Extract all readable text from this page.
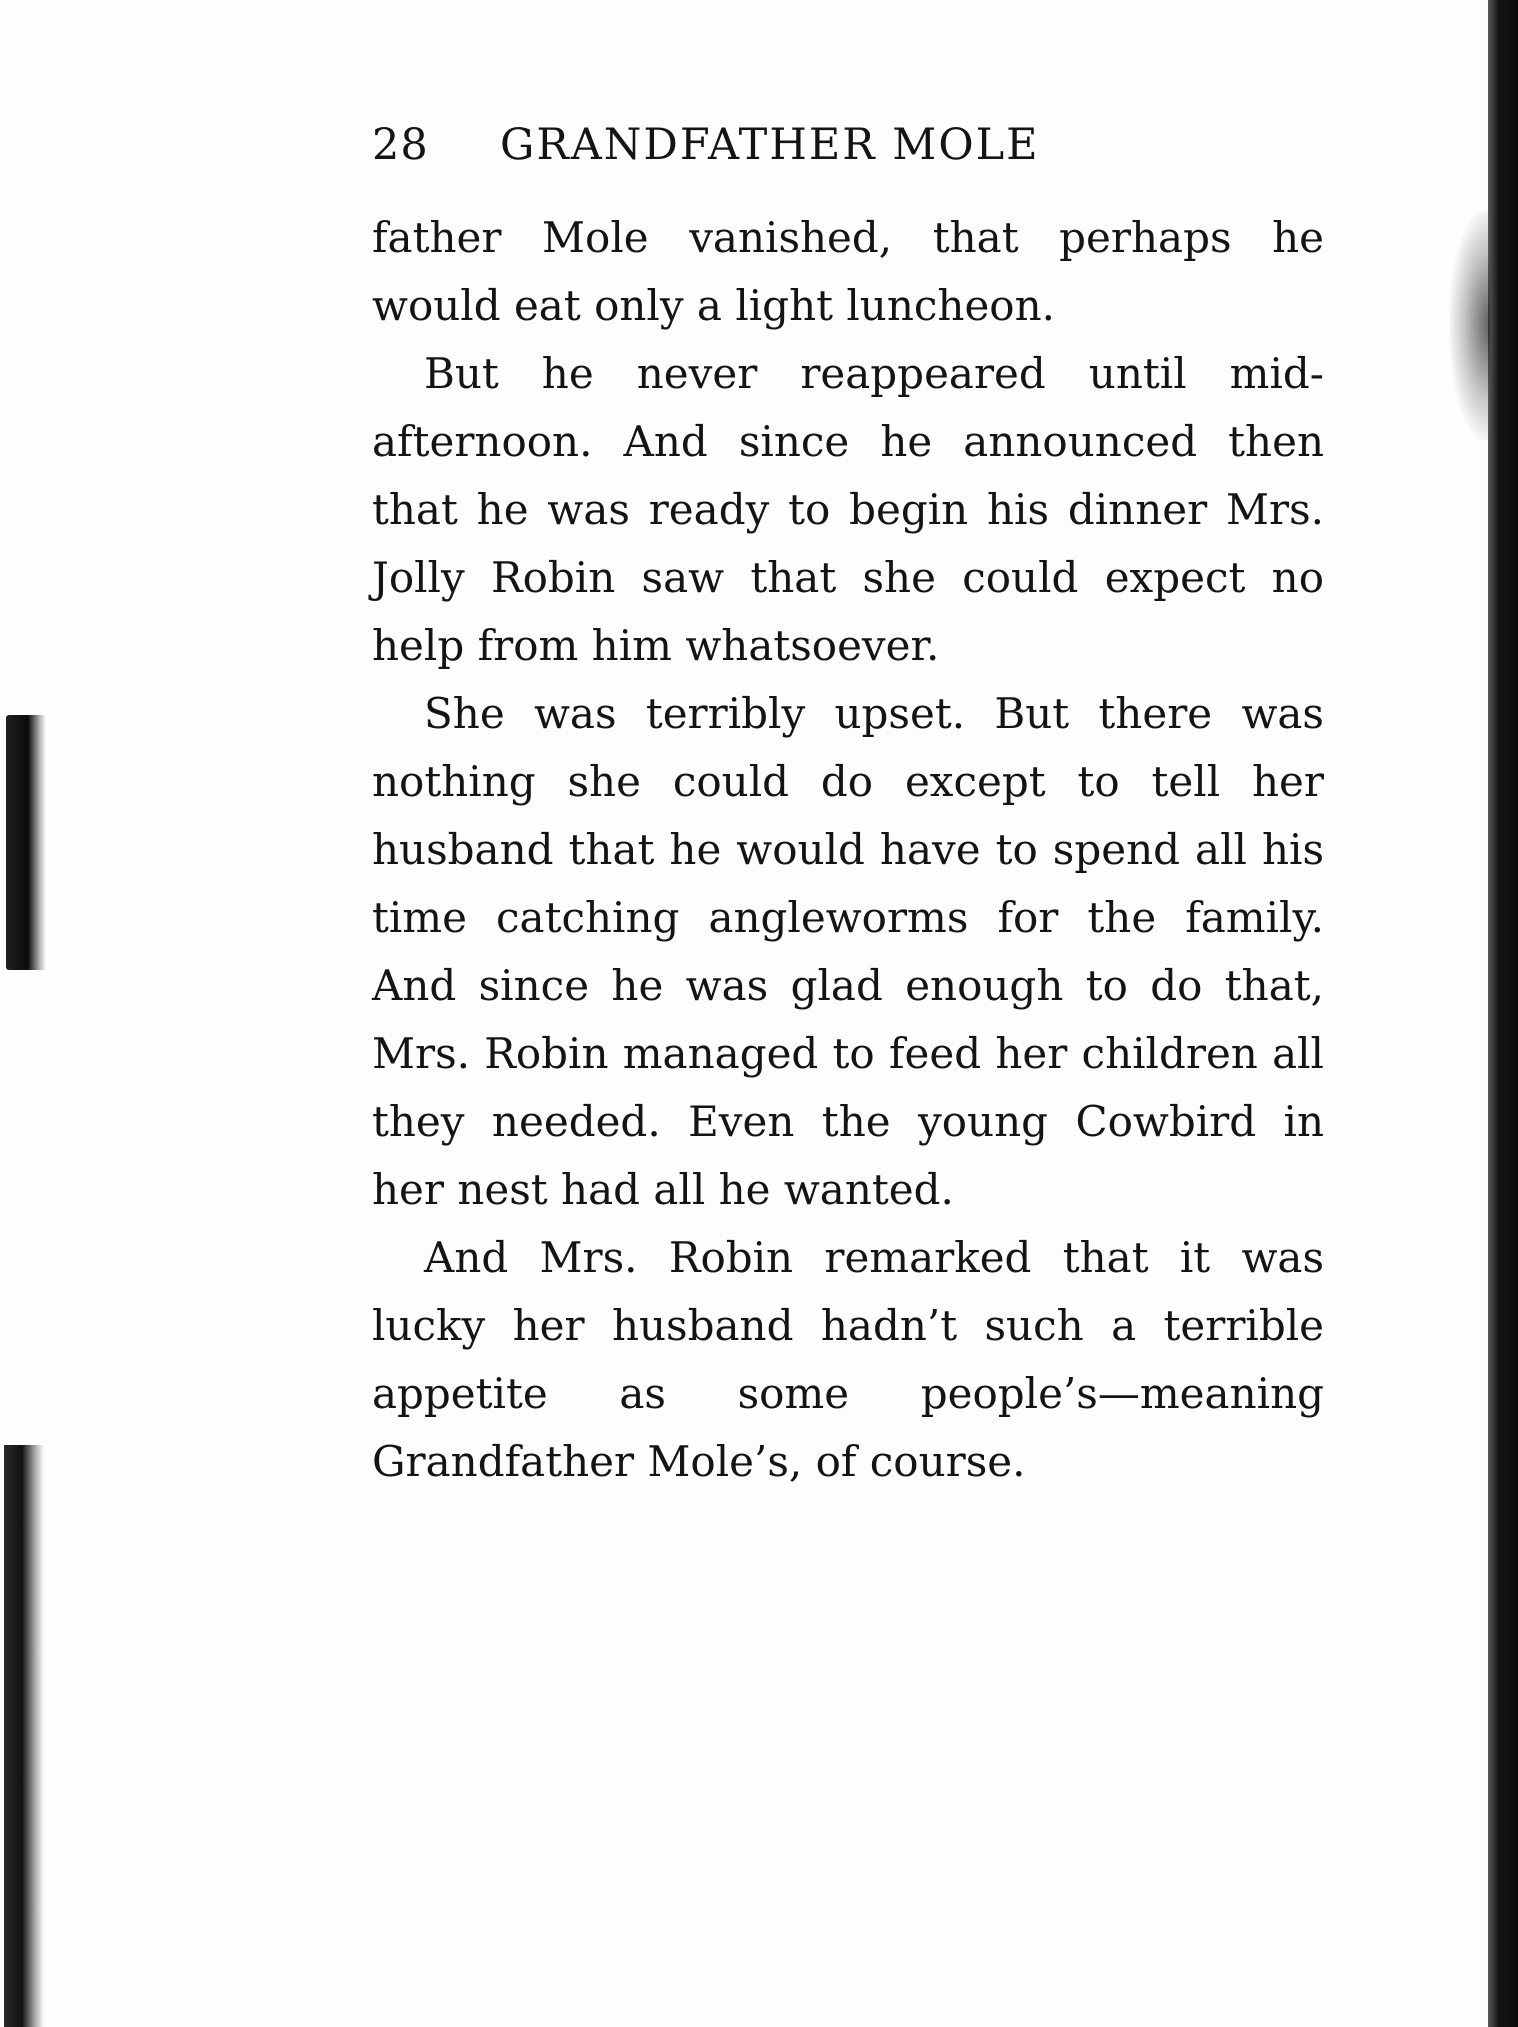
28	GRANDFATHER MOLE

father Mole vanished, that perhaps he would eat only a light luncheon.

But he never reappeared until mid-afternoon. And since he announced then that he was ready to begin his dinner Mrs. Jolly Robin saw that she could expect no help from him whatsoever.

She was terribly upset. But there was nothing she could do except to tell her husband that he would have to spend all his time catching angleworms for the family. And since he was glad enough to do that, Mrs. Robin managed to feed her children all they needed. Even the young Cowbird in her nest had all he wanted.

And Mrs. Robin remarked that it was lucky her husband hadn’t such a terrible appetite as some people’s—meaning Grandfather Mole’s, of course.
